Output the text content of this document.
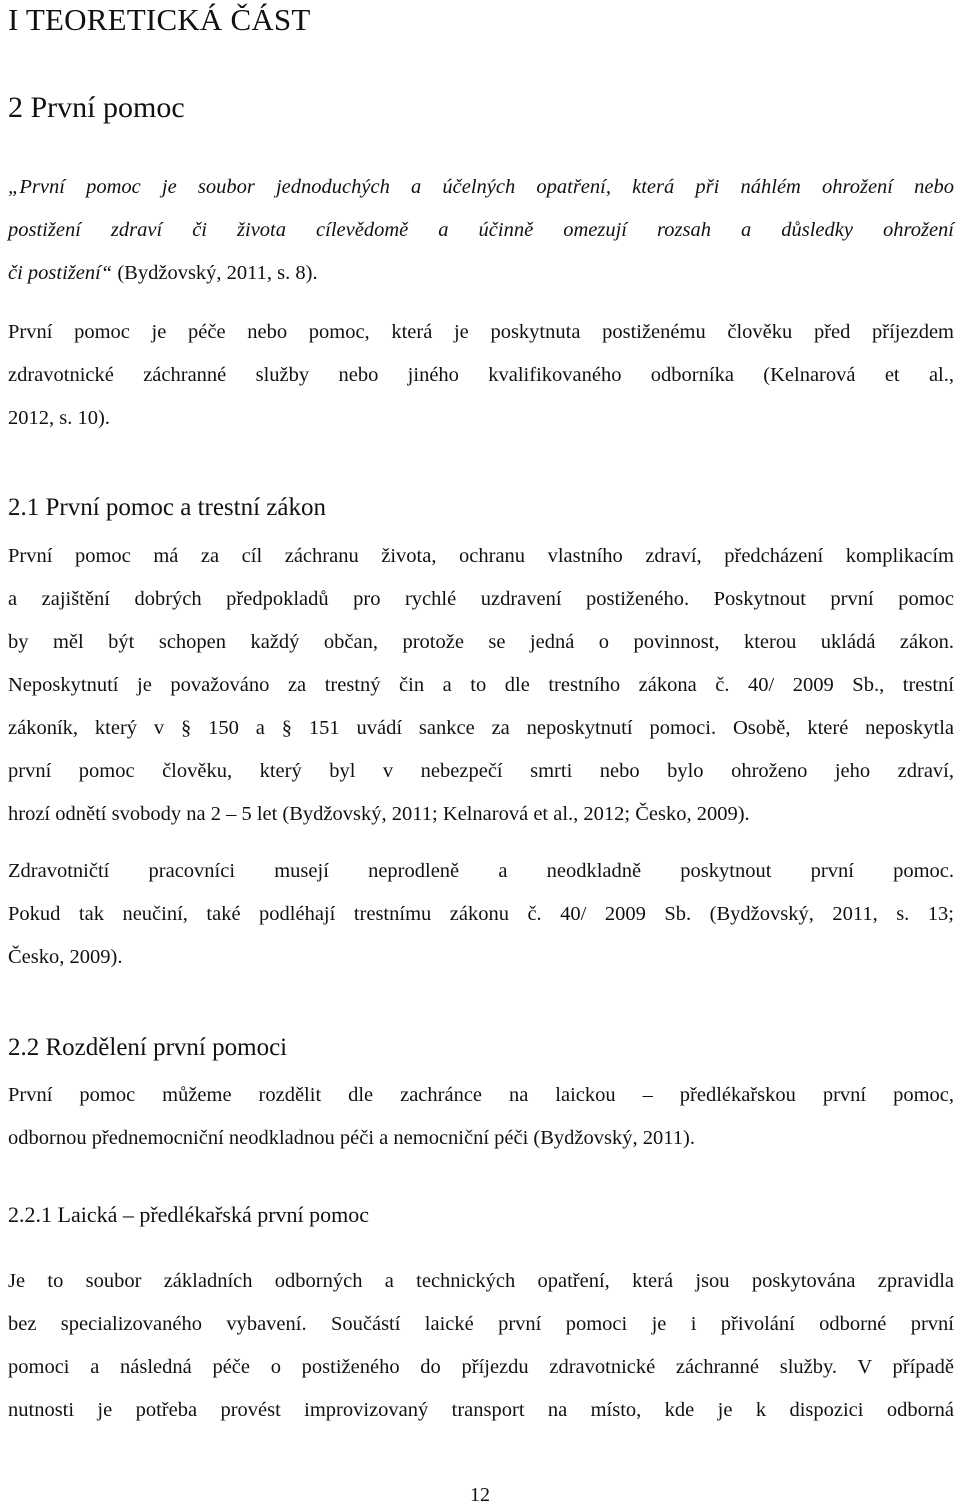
I TEORETICKÁ ČÁST
2 První pomoc

„První pomoc je soubor jednoduchých a účelných opatření, která při náhlém ohrožení nebo
postižení zdraví či života cílevědomě a účinně omezují rozsah a důsledky ohrožení
či postižení“ (Bydžovský, 2011, s. 8).

První pomoc je péče nebo pomoc, která je poskytnuta postiženému člověku před příjezdem
zdravotnické záchranné služby nebo jiného kvalifikovaného odborníka (Kelnarová et al.,
2012, s. 10).

2.1 První pomoc a trestní zákon

První pomoc má za cíl záchranu života, ochranu vlastního zdraví, předcházení komplikacím
a zajištění dobrých předpokladů pro rychlé uzdravení postiženého. Poskytnout první pomoc
by měl být schopen každý občan, protože se jedná o povinnost, kterou ukládá zákon.
Neposkytnutí je považováno za trestný čin a to dle trestního zákona č. 40/ 2009 Sb., trestní
zákoník, který v § 150 a § 151 uvádí sankce za neposkytnutí pomoci. Osobě, které neposkytla
první pomoc člověku, který byl v nebezpečí smrti nebo bylo ohroženo jeho zdraví,
hrozí odnětí svobody na 2 – 5 let (Bydžovský, 2011; Kelnarová et al., 2012; Česko, 2009).

Zdravotničtí pracovníci musejí neprodleně a neodkladně poskytnout první pomoc.
Pokud tak neučiní, také podléhají trestnímu zákonu č. 40/ 2009 Sb. (Bydžovský, 2011, s. 13;
Česko, 2009).

2.2 Rozdělení první pomoci

První pomoc můžeme rozdělit dle zachránce na laickou – předlékařskou první pomoc,
odbornou přednemocniční neodkladnou péči a nemocniční péči (Bydžovský, 2011).

2.2.1 Laická – předlékařská první pomoc

Je to soubor základních odborných a technických opatření, která jsou poskytována zpravidla
bez specializovaného vybavení. Součástí laické první pomoci je i přivolání odborné první
pomoci a následná péče o postiženého do příjezdu zdravotnické záchranné služby. V případě
nutnosti je potřeba provést improvizovaný transport na místo, kde je k dispozici odborná

12
